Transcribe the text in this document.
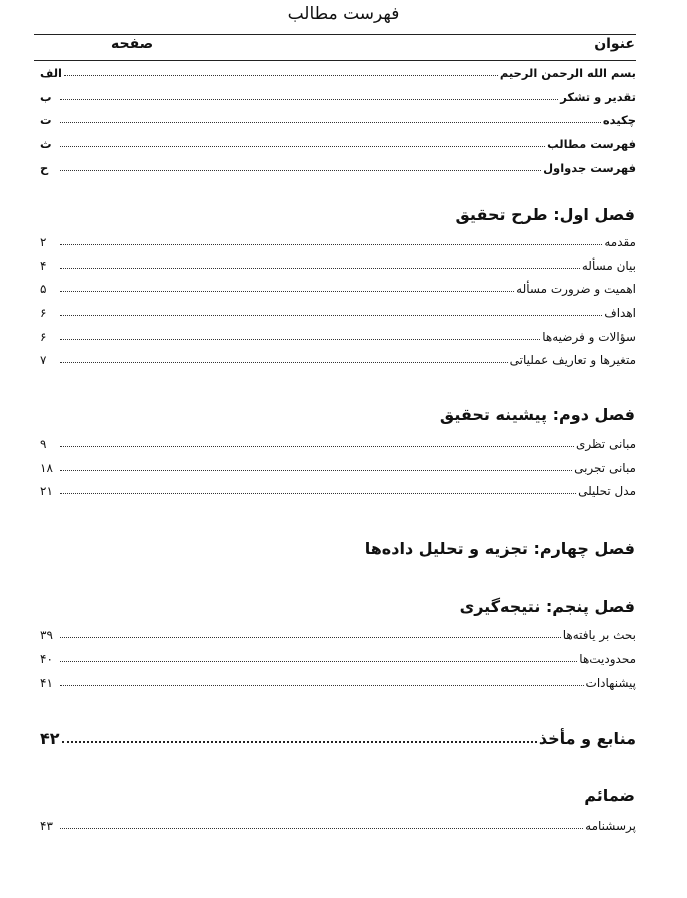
فهرست مطالب
عنوان
صفحه
بسم الله الرحمن الرحیم
الف
تقدیر و تشکر
ب
چکیده
ت
فهرست مطالب
ث
فهرست جدواول
ح
فصل اول: طرح تحقیق
مقدمه
۲
بیان مسأله
۴
اهمیت و ضرورت مسأله
۵
اهداف
۶
سؤالات و فرضیه‌ها
۶
متغیرها و تعاریف عملیاتی
۷
فصل دوم: پیشینه تحقیق
مبانی تظری
۹
مبانی تجربی
۱۸
مدل تحلیلی
۲۱
فصل چهارم: تجزیه و تحلیل داده‌ها
فصل پنجم: نتیجه‌گیری
بحث بر یافته‌ها
۳۹
محدودیت‌ها
۴۰
پیشنهادات
۴۱
منابع و مأخذ
۴۲
ضمائم
پرسشنامه
۴۳
